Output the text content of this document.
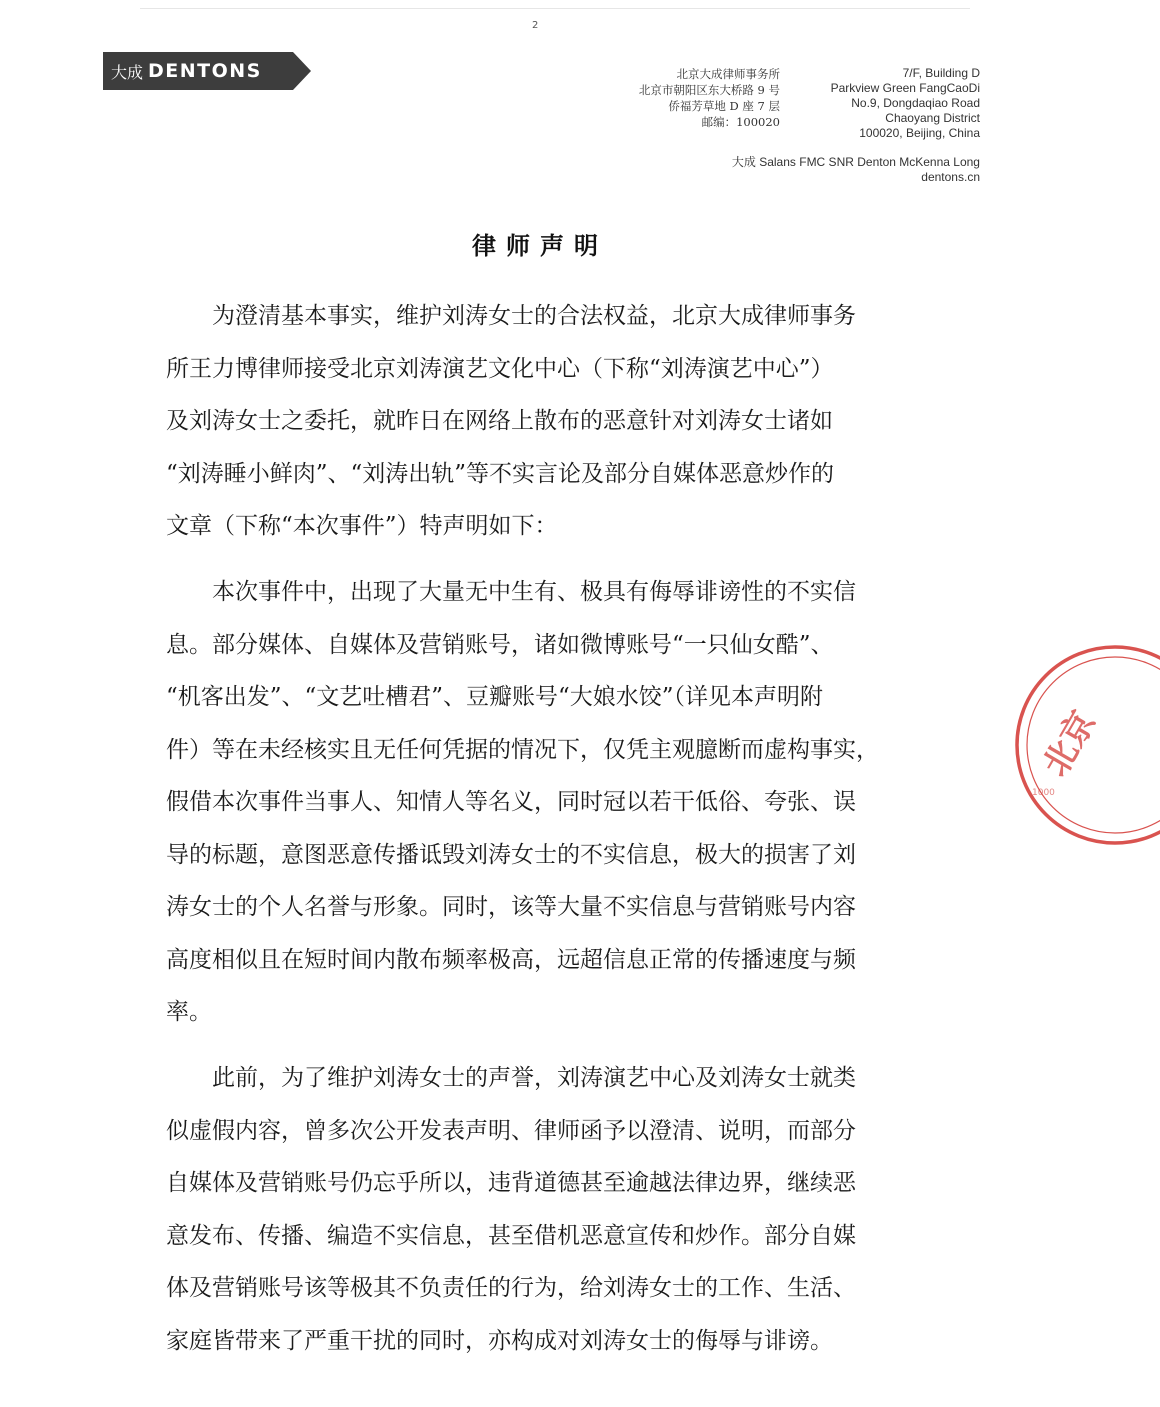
2
大成 DENTONS	北京大成律师事务所
北京市朝阳区东大桥路 9 号
侨福芳草地 D 座 7 层
邮编：100020
7/F, Building D
Parkview Green FangCaoDi
No.9, Dongdaqiao Road
Chaoyang District
100020, Beijing, China
大成 Salans FMC SNR Denton McKenna Long
dentons.cn
律师声明
　　为澄清基本事实，维护刘涛女士的合法权益，北京大成律师事务
所王力博律师接受北京刘涛演艺文化中心（下称“刘涛演艺中心”）
及刘涛女士之委托，就昨日在网络上散布的恶意针对刘涛女士诸如
“刘涛睡小鲜肉”、“刘涛出轨”等不实言论及部分自媒体恶意炒作的
文章（下称“本次事件”）特声明如下：
　　本次事件中，出现了大量无中生有、极具有侮辱诽谤性的不实信
息。部分媒体、自媒体及营销账号，诸如微博账号“一只仙女酷”、
“机客出发”、“文艺吐槽君”、豆瓣账号“大娘水饺”（详见本声明附
件）等在未经核实且无任何凭据的情况下，仅凭主观臆断而虚构事实，
假借本次事件当事人、知情人等名义，同时冠以若干低俗、夸张、误
导的标题，意图恶意传播诋毁刘涛女士的不实信息，极大的损害了刘
涛女士的个人名誉与形象。同时，该等大量不实信息与营销账号内容
高度相似且在短时间内散布频率极高，远超信息正常的传播速度与频
率。
　　此前，为了维护刘涛女士的声誉，刘涛演艺中心及刘涛女士就类
似虚假内容，曾多次公开发表声明、律师函予以澄清、说明，而部分
自媒体及营销账号仍忘乎所以，违背道德甚至逾越法律边界，继续恶
意发布、传播、编造不实信息，甚至借机恶意宣传和炒作。部分自媒
体及营销账号该等极其不负责任的行为，给刘涛女士的工作、生活、
家庭皆带来了严重干扰的同时，亦构成对刘涛女士的侮辱与诽谤。
北京
1000
